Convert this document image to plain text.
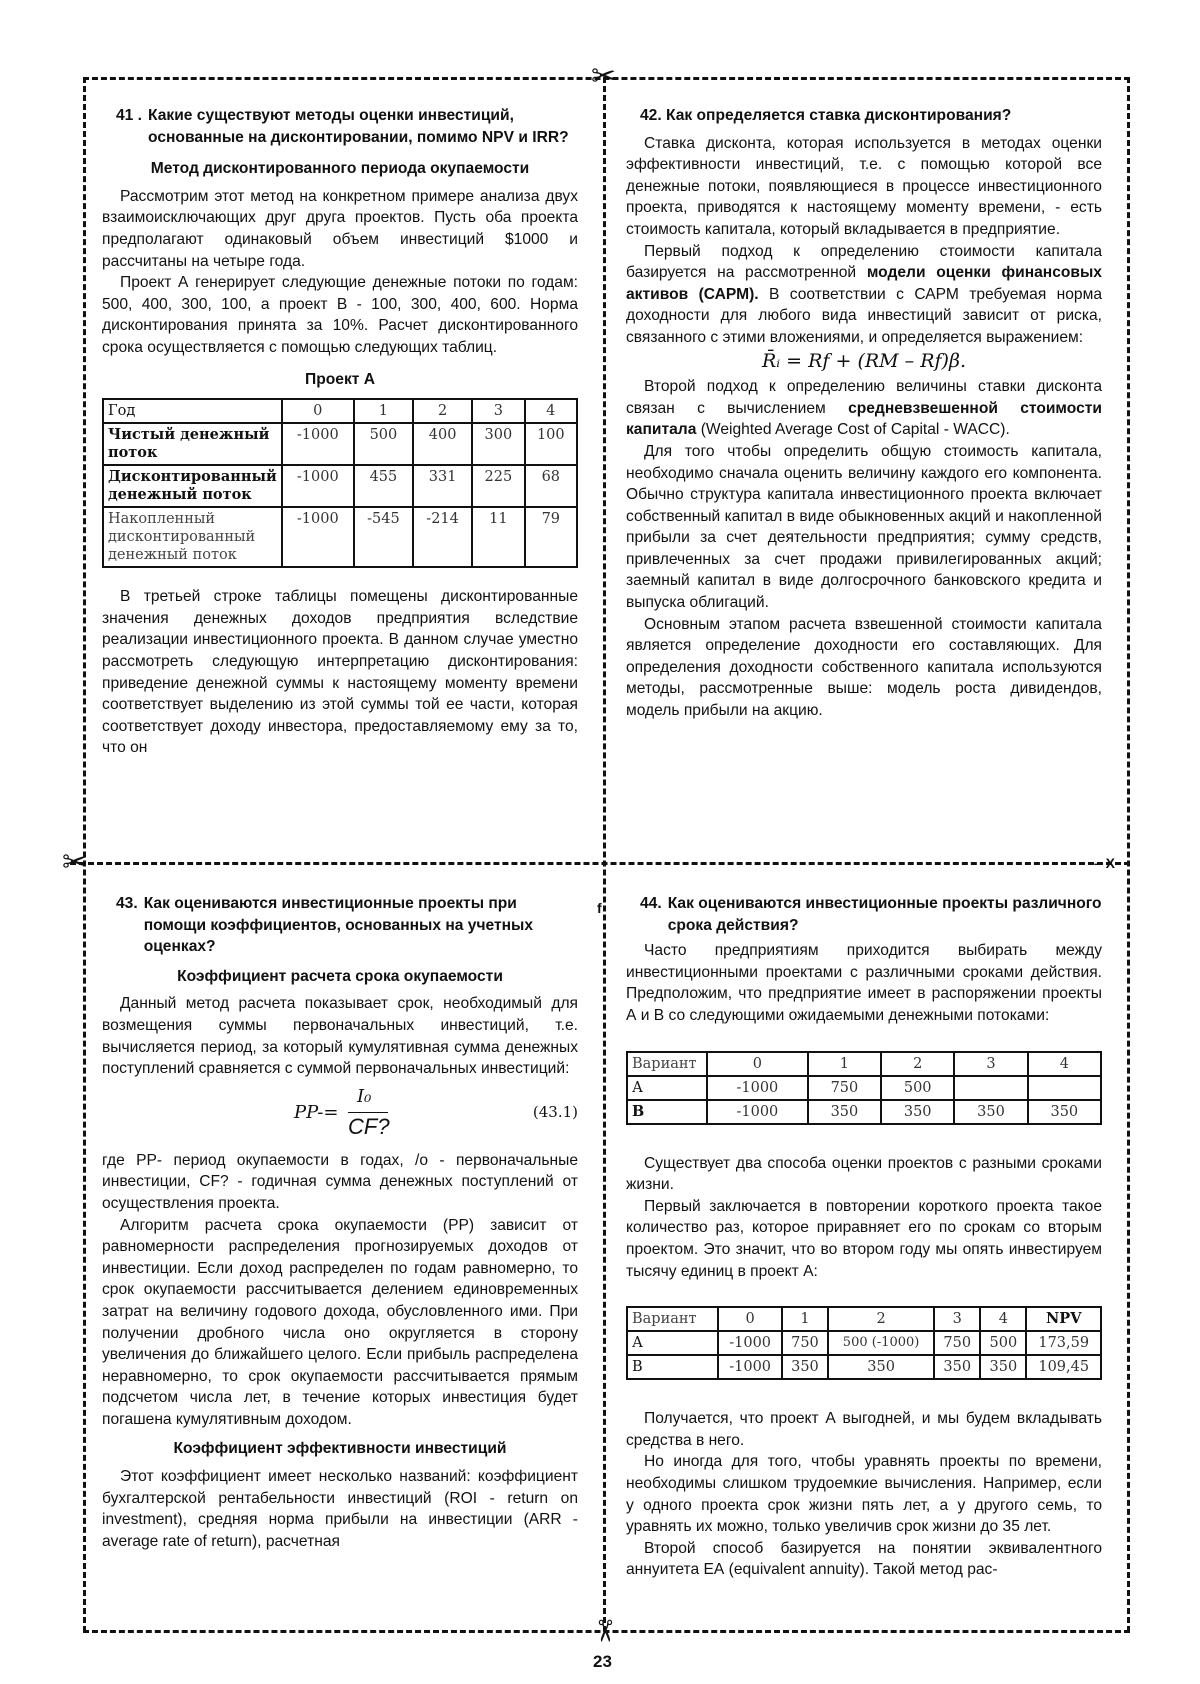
✂
✂
✂
f
– X
41 . Какие существуют методы оценки инвестиций, основанные на дисконтировании, помимо NPV и IRR?
Метод дисконтированного периода окупаемости

Рассмотрим этот метод на конкретном примере анализа двух взаимоисключающих друг друга проектов. Пусть оба проекта предполагают одинаковый объем инвестиций $1000 и рассчитаны на четыре года.

Проект А генерирует следующие денежные потоки по годам: 500, 400, 300, 100, а проект В - 100, 300, 400, 600. Норма дисконтирования принята за 10%. Расчет дисконтированного срока осуществляется с помощью следующих таблиц.

Проект А
Год	0	1	2	3	4
Чистый денежный поток	-1000	500	400	300	100
Дисконтированный денежный поток	-1000	455	331	225	68
Накопленный дисконтированный денежный поток	-1000	-545	-214	11	79

В третьей строке таблицы помещены дисконтированные значения денежных доходов предприятия вследствие реализации инвестиционного проекта. В данном случае уместно рассмотреть следующую интерпретацию дисконтирования: приведение денежной суммы к настоящему моменту времени соответствует выделению из этой суммы той ее части, которая соответствует доходу инвестора, предоставляемому ему за то, что он

42. Как определяется ставка дисконтирования?

Ставка дисконта, которая используется в методах оценки эффективности инвестиций, т.е. с помощью которой все денежные потоки, появляющиеся в процессе инвестиционного проекта, приводятся к настоящему моменту времени, - есть стоимость капитала, который вкладывается в предприятие.

Первый подход к определению стоимости капитала базируется на рассмотренной модели оценки финансовых активов (САРМ). В соответствии с САРМ требуемая норма доходности для любого вида инвестиций зависит от риска, связанного с этими вложениями, и определяется выражением:

R̄ᵢ = Rf + (RM – Rf)β.

Второй подход к определению величины ставки дисконта связан с вычислением средневзвешенной стоимости капитала (Weighted Average Cost of Capital - WACC).

Для того чтобы определить общую стоимость капитала, необходимо сначала оценить величину каждого его компонента. Обычно структура капитала инвестиционного проекта включает собственный капитал в виде обыкновенных акций и накопленной прибыли за счет деятельности предприятия; сумму средств, привлеченных за счет продажи привилегированных акций; заемный капитал в виде долгосрочного банковского кредита и выпуска облигаций.

Основным этапом расчета взвешенной стоимости капитала является определение доходности его составляющих. Для определения доходности собственного капитала используются методы, рассмотренные выше: модель роста дивидендов, модель прибыли на акцию.

43. Как оцениваются инвестиционные проекты при помощи коэффициентов, основанных на учетных оценках?
Коэффициент расчета срока окупаемости

Данный метод расчета показывает срок, необходимый для возмещения суммы первоначальных инвестиций, т.е. вычисляется период, за который кумулятивная сумма денежных поступлений сравняется с суммой первоначальных инвестиций:

PP-=
I₀
CF?
(43.1)

где PP- период окупаемости в годах, /о - первоначальные инвестиции, CF? - годичная сумма денежных поступлений от осуществления проекта.

Алгоритм расчета срока окупаемости (PP) зависит от равномерности распределения прогнозируемых доходов от инвестиции. Если доход распределен по годам равномерно, то срок окупаемости рассчитывается делением единовременных затрат на величину годового дохода, обусловленного ими. При получении дробного числа оно округляется в сторону увеличения до ближайшего целого. Если прибыль распределена неравномерно, то срок окупаемости рассчитывается прямым подсчетом числа лет, в течение которых инвестиция будет погашена кумулятивным доходом.

Коэффициент эффективности инвестиций

Этот коэффициент имеет несколько названий: коэффициент бухгалтерской рентабельности инвестиций (ROI - return on investment), средняя норма прибыли на инвестиции (ARR - average rate of return), расчетная

44. Как оцениваются инвестиционные проекты различного срока действия?

Часто предприятиям приходится выбирать между инвестиционными проектами с различными сроками действия. Предположим, что предприятие имеет в распоряжении проекты А и В со следующими ожидаемыми денежными потоками:

Вариант	0	1	2	3	4
А	-1000	750	500		
В	-1000	350	350	350	350

Существует два способа оценки проектов с разными сроками жизни.

Первый заключается в повторении короткого проекта такое количество раз, которое приравняет его по срокам со вторым проектом. Это значит, что во втором году мы опять инвестируем тысячу единиц в проект А:

Вариант	0	1	2	3	4	NPV
А	-1000	750	500 (-1000)	750	500	173,59
В	-1000	350	350	350	350	109,45

Получается, что проект А выгодней, и мы будем вкладывать средства в него.

Но иногда для того, чтобы уравнять проекты по времени, необходимы слишком трудоемкие вычисления. Например, если у одного проекта срок жизни пять лет, а у другого семь, то уравнять их можно, только увеличив срок жизни до 35 лет.

Второй способ базируется на понятии эквивалентного аннуитета ЕА (equivalent annuity). Такой метод рас-

23
